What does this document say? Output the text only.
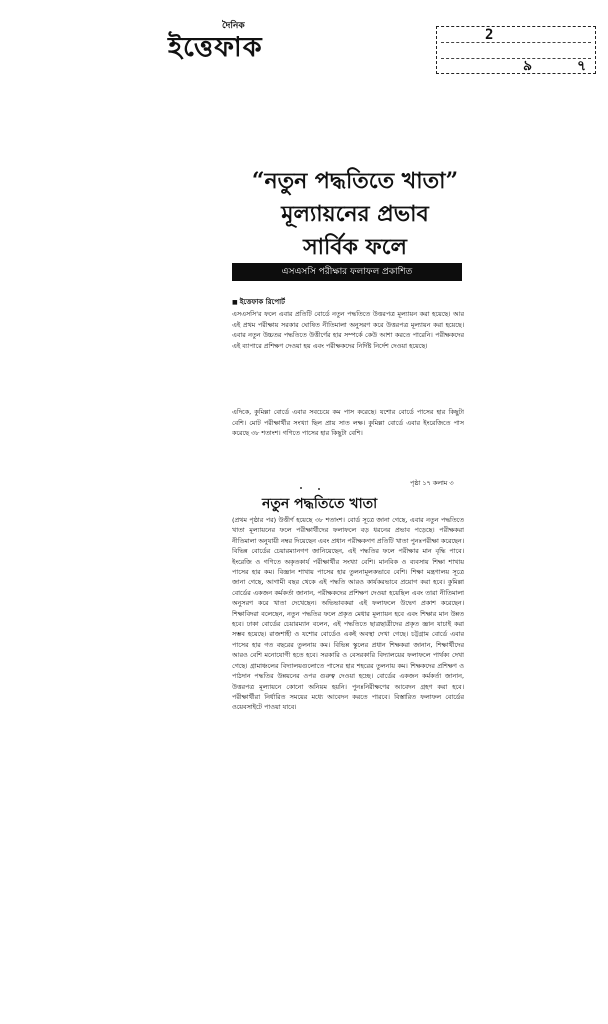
দৈনিক
ইত্তেফাক	2
৯	৭
“নতুন পদ্ধতিতে খাতা”
মূল্যায়নের প্রভাব
সার্বিক ফলে
এসএসসি পরীক্ষার ফলাফল প্রকাশিত
■ ইত্তেফাক রিপোর্ট
এসএসসি'র ফলে এবার প্রতিটি বোর্ডে নতুন পদ্ধতিতে উত্তরপত্র মূল্যায়ন করা হয়েছে। আর এই প্রথম পরীক্ষায় সরকার ঘোষিত নীতিমালা অনুসরণ করে উত্তরপত্র মূল্যায়ন করা হয়েছে। এবার নতুন উচ্চতর পদ্ধতিতে উত্তীর্ণের হার সম্পর্কে কেউ আশা করতে পারেনি। পরীক্ষকদের এই ব্যাপারে প্রশিক্ষণ দেওয়া হয় এবং পরীক্ষকদের নির্দিষ্ট নির্দেশ দেওয়া হয়েছে।
এদিকে, কুমিল্লা বোর্ডে এবার সবচেয়ে কম পাস করেছে। যশোর বোর্ডে পাসের হার কিছুটা বেশি। মোট পরীক্ষার্থীর সংখ্যা ছিল প্রায় সাত লক্ষ। কুমিল্লা বোর্ডে এবার ইংরেজিতে পাস করেছে ৩৮ শতাংশ। গণিতে পাসের হার কিছুটা বেশি।
পৃষ্ঠা ১৭ কলাম ৩
নতুন পদ্ধতিতে খাতা
(প্রথম পৃষ্ঠার পর) উত্তীর্ণ হয়েছে ৩৮ শতাংশ। বোর্ড সূত্রে জানা গেছে, এবার নতুন পদ্ধতিতে খাতা মূল্যায়নের ফলে পরীক্ষার্থীদের ফলাফলে বড় ধরনের প্রভাব পড়েছে। পরীক্ষকরা নীতিমালা অনুযায়ী নম্বর দিয়েছেন এবং প্রধান পরীক্ষকগণ প্রতিটি খাতা পুনঃপরীক্ষা করেছেন। বিভিন্ন বোর্ডের চেয়ারম্যানগণ জানিয়েছেন, এই পদ্ধতির ফলে পরীক্ষার মান বৃদ্ধি পাবে। ইংরেজি ও গণিতে অকৃতকার্য পরীক্ষার্থীর সংখ্যা বেশি। মানবিক ও ব্যবসায় শিক্ষা শাখায় পাসের হার কম। বিজ্ঞান শাখায় পাসের হার তুলনামূলকভাবে বেশি। শিক্ষা মন্ত্রণালয় সূত্রে জানা গেছে, আগামী বছর থেকে এই পদ্ধতি আরও কার্যকরভাবে প্রয়োগ করা হবে। কুমিল্লা বোর্ডের একজন কর্মকর্তা জানান, পরীক্ষকদের প্রশিক্ষণ দেওয়া হয়েছিল এবং তারা নীতিমালা অনুসরণ করে খাতা দেখেছেন। অভিভাবকরা এই ফলাফলে উদ্বেগ প্রকাশ করেছেন। শিক্ষাবিদরা বলেছেন, নতুন পদ্ধতির ফলে প্রকৃত মেধার মূল্যায়ন হবে এবং শিক্ষার মান উন্নত হবে। ঢাকা বোর্ডের চেয়ারম্যান বলেন, এই পদ্ধতিতে ছাত্রছাত্রীদের প্রকৃত জ্ঞান যাচাই করা সম্ভব হয়েছে। রাজশাহী ও যশোর বোর্ডেও একই অবস্থা দেখা গেছে। চট্টগ্রাম বোর্ডে এবার পাসের হার গত বছরের তুলনায় কম। বিভিন্ন স্কুলের প্রধান শিক্ষকরা জানান, শিক্ষার্থীদের আরও বেশি মনোযোগী হতে হবে। সরকারি ও বেসরকারি বিদ্যালয়ের ফলাফলে পার্থক্য দেখা গেছে। গ্রামাঞ্চলের বিদ্যালয়গুলোতে পাসের হার শহরের তুলনায় কম। শিক্ষকদের প্রশিক্ষণ ও পাঠদান পদ্ধতির উন্নয়নের ওপর গুরুত্ব দেওয়া হচ্ছে। বোর্ডের একজন কর্মকর্তা জানান, উত্তরপত্র মূল্যায়নে কোনো অনিয়ম হয়নি। পুনঃনিরীক্ষণের আবেদন গ্রহণ করা হবে। পরীক্ষার্থীরা নির্ধারিত সময়ের মধ্যে আবেদন করতে পারবে। বিস্তারিত ফলাফল বোর্ডের ওয়েবসাইটে পাওয়া যাবে।
